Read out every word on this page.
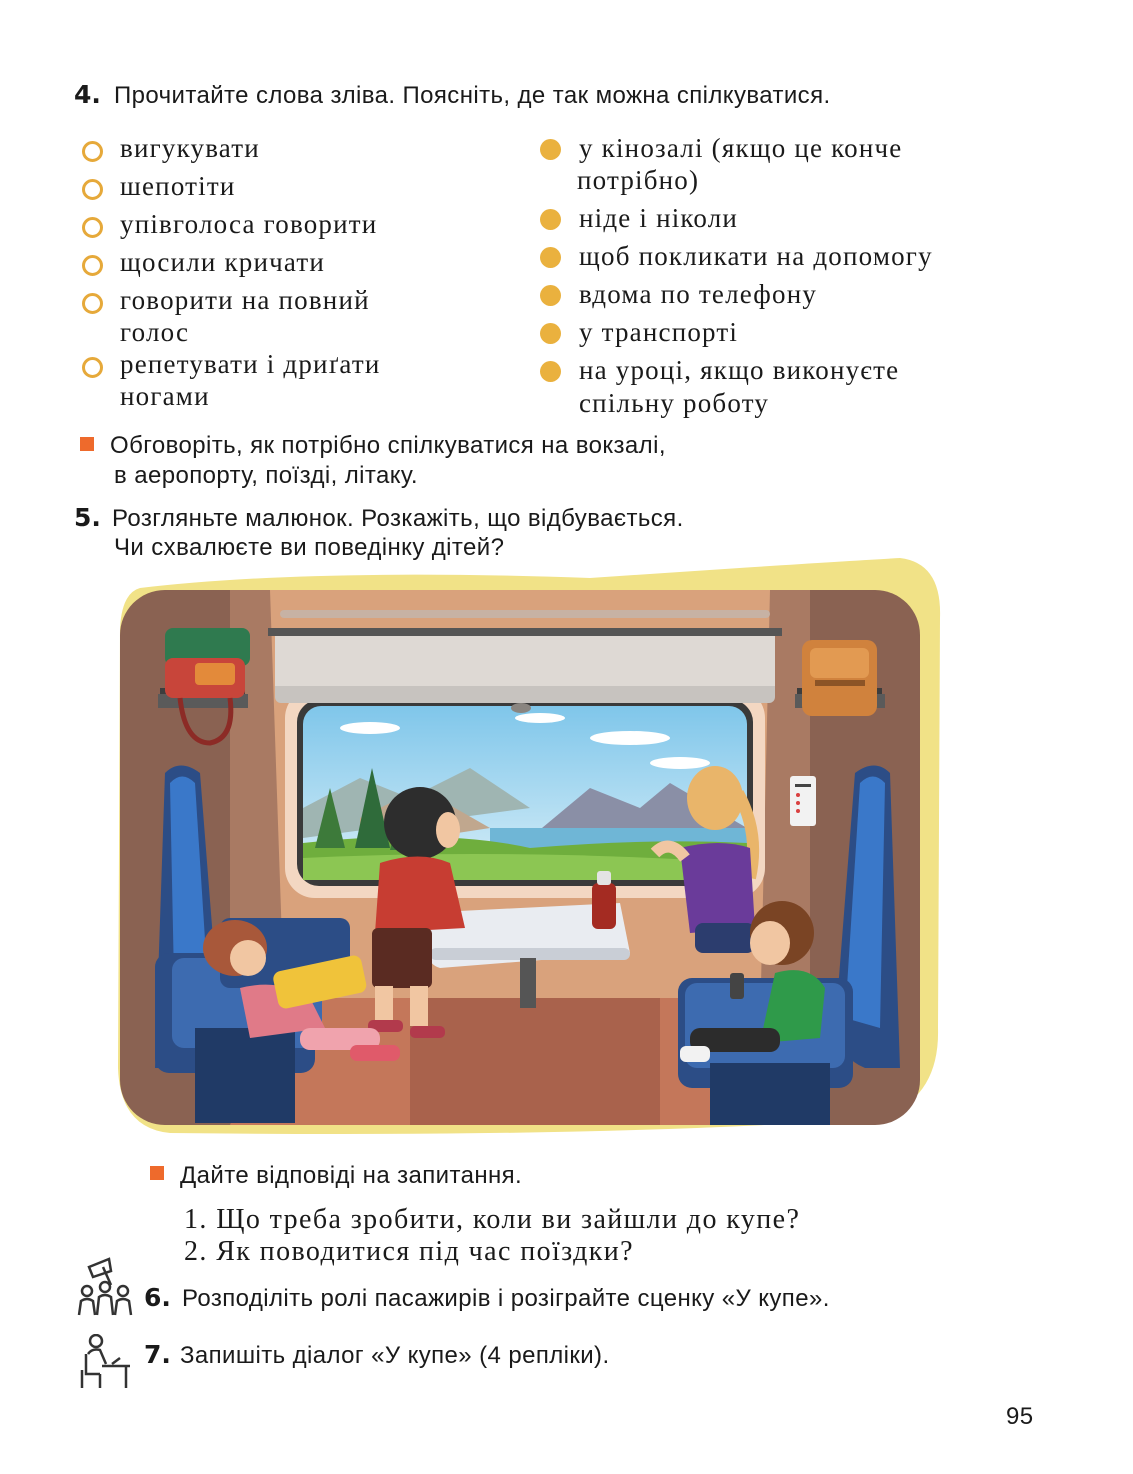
4. Прочитайте слова зліва. Поясніть, де так можна спілкуватися.
вигукувати
шепотіти
упівголоса говорити
щосили кричати
говорити на повний
голос
репетувати і дриґати
ногами
у кінозалі (якщо це конче
потрібно)
ніде і ніколи
щоб покликати на допомогу
вдома по телефону
у транспорті
на уроці, якщо виконуєте
спільну роботу
Обговоріть, як потрібно спілкуватися на вокзалі,
в аеропорту, поїзді, літаку.
5. Розгляньте малюнок. Розкажіть, що відбувається.
Чи схвалюєте ви поведінку дітей?
Дайте відповіді на запитання.
1. Що треба зробити, коли ви зайшли до купе?
2. Як поводитися під час поїздки?
6. Розподіліть ролі пасажирів і розіграйте сценку «У купе».
7. Запишіть діалог «У купе» (4 репліки).
95
